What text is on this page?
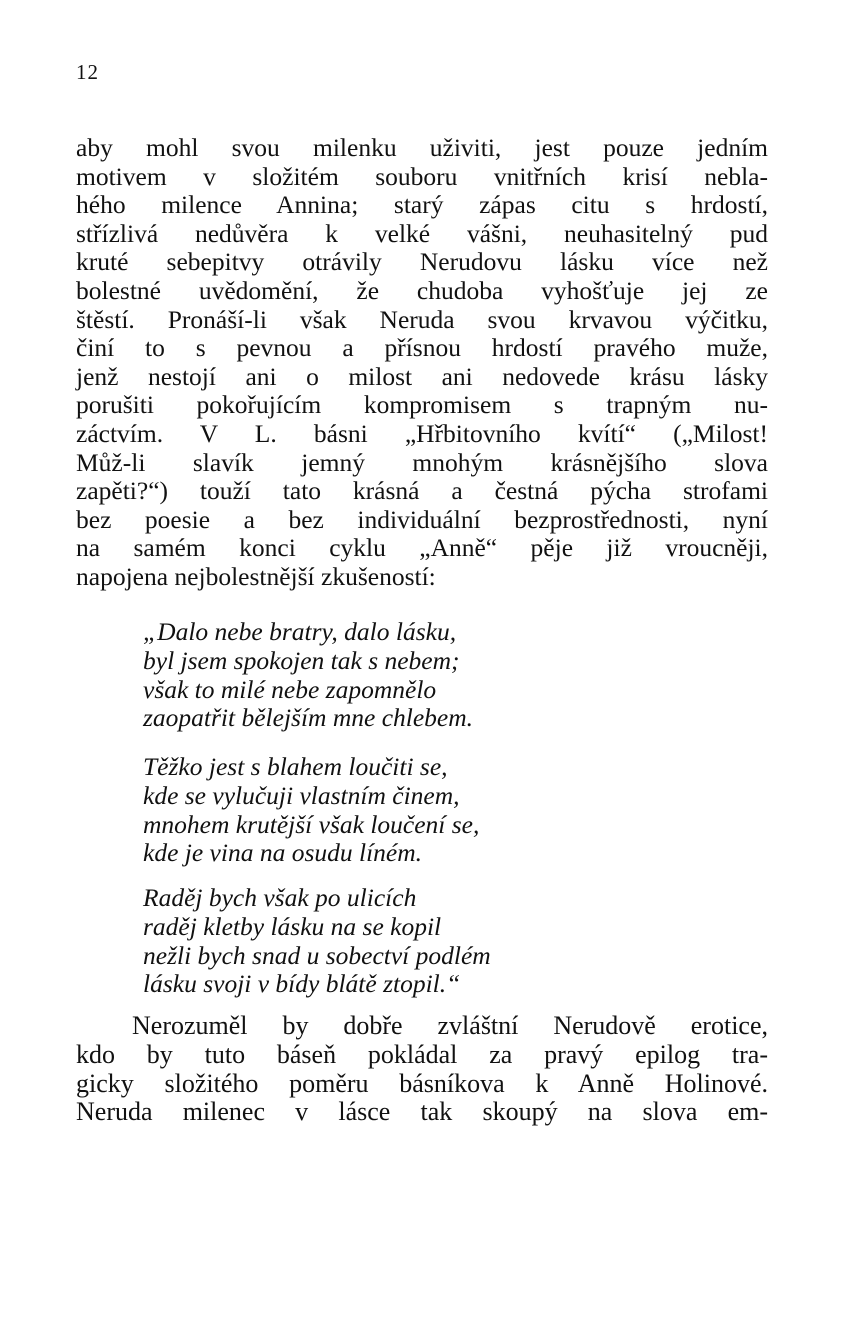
12
aby mohl svou milenku uživiti, jest pouze jedním
motivem v složitém souboru vnitřních krisí nebla-
hého milence Annina; starý zápas citu s hrdostí,
střízlivá nedůvěra k velké vášni, neuhasitelný pud
kruté sebepitvy otrávily Nerudovu lásku více než
bolestné uvědomění, že chudoba vyhošťuje jej ze
štěstí. Pronáší-li však Neruda svou krvavou výčitku,
činí to s pevnou a přísnou hrdostí pravého muže,
jenž nestojí ani o milost ani nedovede krásu lásky
porušiti pokořujícím kompromisem s trapným nu-
záctvím. V L. básni „Hřbitovního kvítí“ („Milost!
Můž-li slavík jemný mnohým krásnějšího slova
zapěti?“) touží tato krásná a čestná pýcha strofami
bez poesie a bez individuální bezprostřednosti, nyní
na samém konci cyklu „Anně“ pěje již vroucněji,
napojena nejbolestnější zkušeností:
„Dalo nebe bratry, dalo lásku,
byl jsem spokojen tak s nebem;
však to milé nebe zapomnělo
zaopatřit bělejším mne chlebem.
Těžko jest s blahem loučiti se,
kde se vylučuji vlastním činem,
mnohem krutější však loučení se,
kde je vina na osudu líném.
Raděj bych však po ulicích
raděj kletby lásku na se kopil
nežli bych snad u sobectví podlém
lásku svoji v bídy blátě ztopil.“
Nerozuměl by dobře zvláštní Nerudově erotice,
kdo by tuto báseň pokládal za pravý epilog tra-
gicky složitého poměru básníkova k Anně Holinové.
Neruda milenec v lásce tak skoupý na slova em-
